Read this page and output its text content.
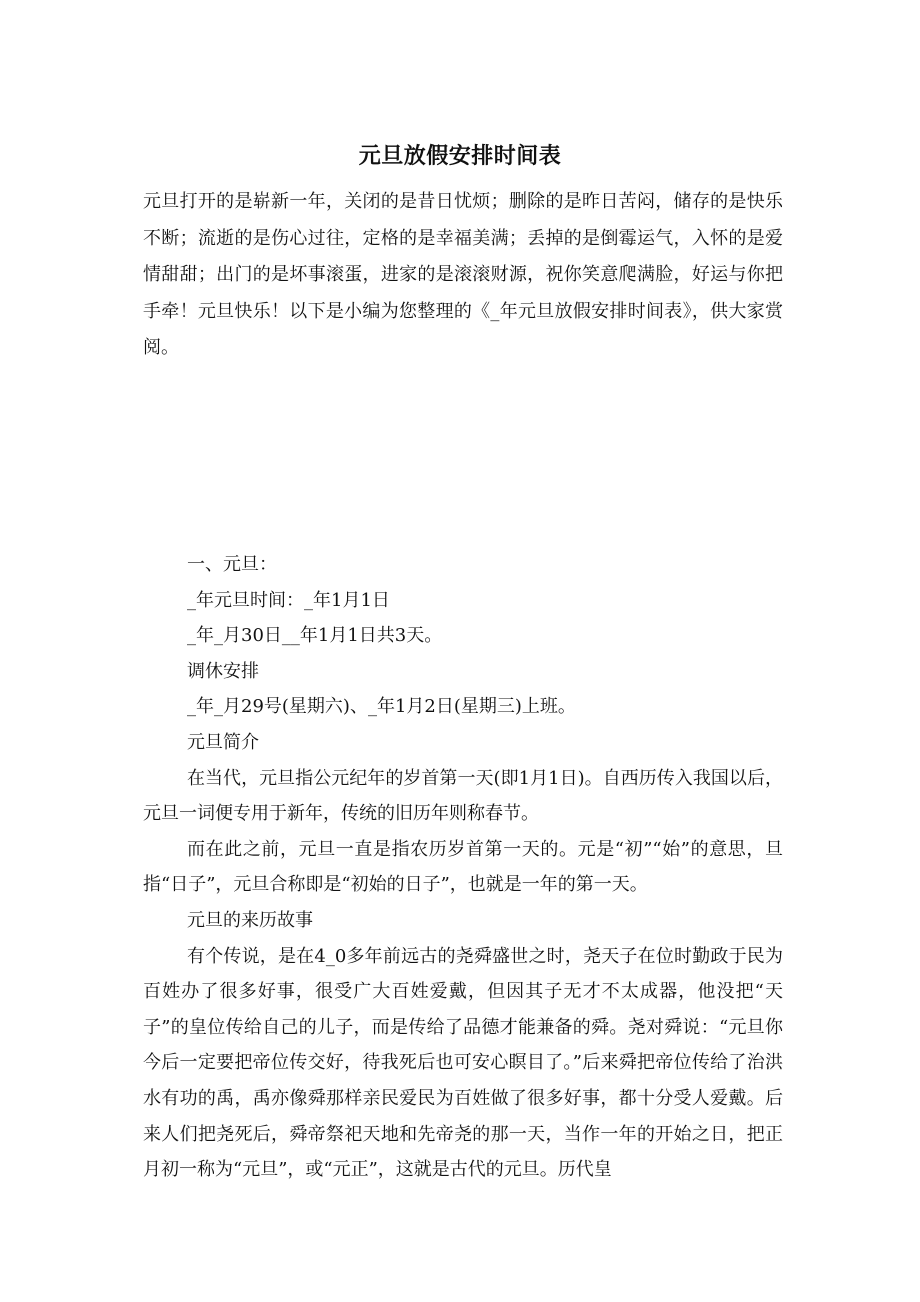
元旦放假安排时间表

元旦打开的是崭新一年，关闭的是昔日忧烦；删除的是昨日苦闷，储存的是快乐不断；流逝的是伤心过往，定格的是幸福美满；丢掉的是倒霉运气，入怀的是爱情甜甜；出门的是坏事滚蛋，进家的是滚滚财源，祝你笑意爬满脸，好运与你把手牵！元旦快乐！以下是小编为您整理的《_年元旦放假安排时间表》，供大家赏阅。

一、元旦：

_年元旦时间：_年1月1日

_年_月30日__年1月1日共3天。

调休安排

_年_月29号(星期六)、_年1月2日(星期三)上班。

元旦简介

在当代，元旦指公元纪年的岁首第一天(即1月1日)。自西历传入我国以后，元旦一词便专用于新年，传统的旧历年则称春节。

而在此之前，元旦一直是指农历岁首第一天的。元是“初”“始”的意思，旦指“日子”，元旦合称即是“初始的日子”，也就是一年的第一天。

元旦的来历故事

有个传说，是在4_0多年前远古的尧舜盛世之时，尧天子在位时勤政于民为百姓办了很多好事，很受广大百姓爱戴，但因其子无才不太成器，他没把“天子”的皇位传给自己的儿子，而是传给了品德才能兼备的舜。尧对舜说：“元旦你今后一定要把帝位传交好，待我死后也可安心瞑目了。”后来舜把帝位传给了治洪水有功的禹，禹亦像舜那样亲民爱民为百姓做了很多好事，都十分受人爱戴。后来人们把尧死后，舜帝祭祀天地和先帝尧的那一天，当作一年的开始之日，把正月初一称为“元旦”，或“元正”，这就是古代的元旦。历代皇
